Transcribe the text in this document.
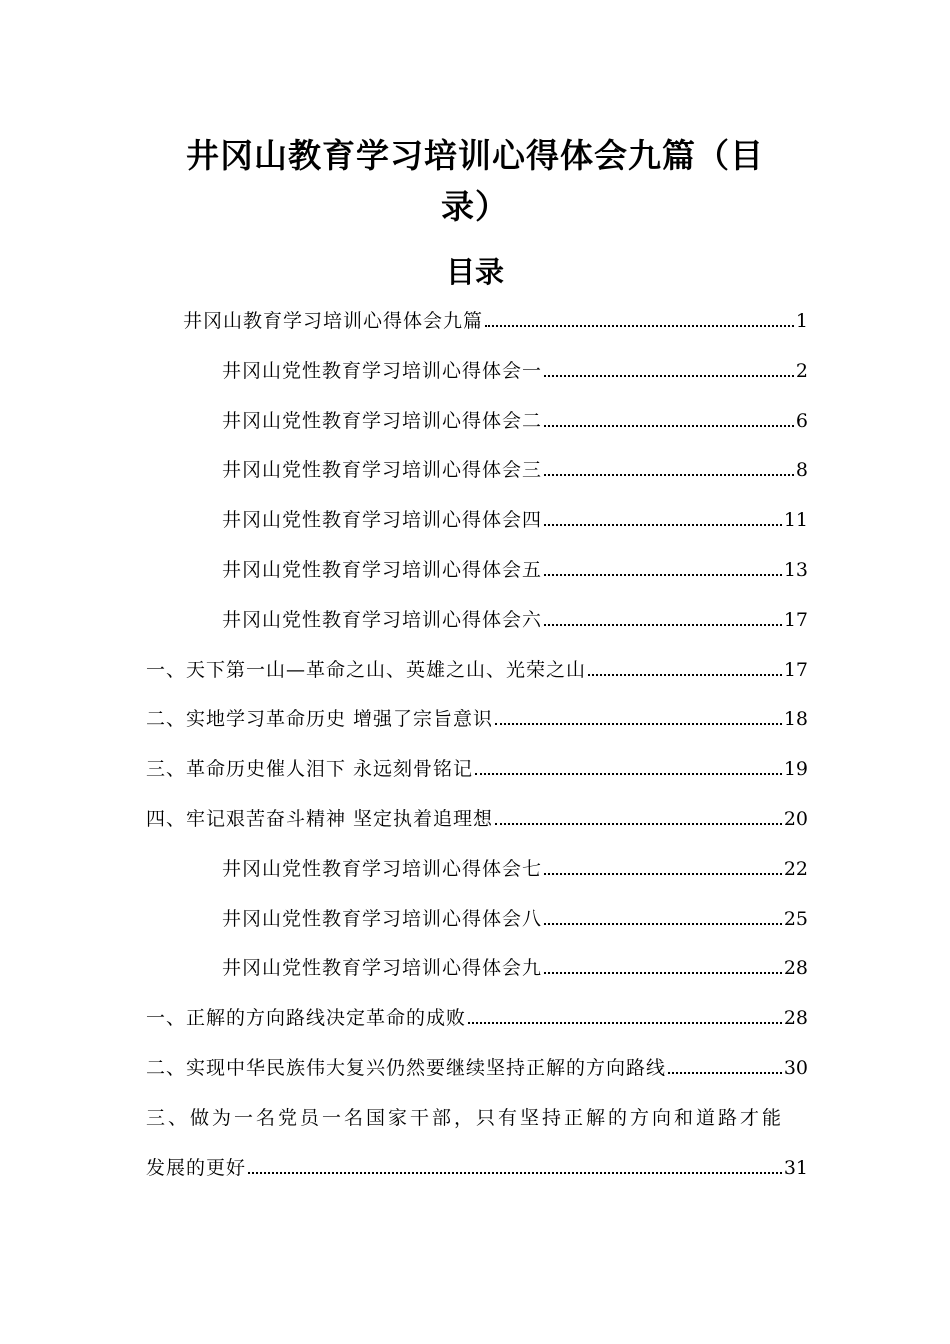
井冈山教育学习培训心得体会九篇（目
录）
目录
井冈山教育学习培训心得体会九篇	1
井冈山党性教育学习培训心得体会一	2
井冈山党性教育学习培训心得体会二	6
井冈山党性教育学习培训心得体会三	8
井冈山党性教育学习培训心得体会四	11
井冈山党性教育学习培训心得体会五	13
井冈山党性教育学习培训心得体会六	17
一、天下第一山—革命之山、英雄之山、光荣之山	17
二、实地学习革命历史 增强了宗旨意识	18
三、革命历史催人泪下 永远刻骨铭记	19
四、牢记艰苦奋斗精神 坚定执着追理想	20
井冈山党性教育学习培训心得体会七	22
井冈山党性教育学习培训心得体会八	25
井冈山党性教育学习培训心得体会九	28
一、正解的方向路线决定革命的成败	28
二、实现中华民族伟大复兴仍然要继续坚持正解的方向路线	30
三、做为一名党员一名国家干部，只有坚持正解的方向和道路才能
发展的更好	31
